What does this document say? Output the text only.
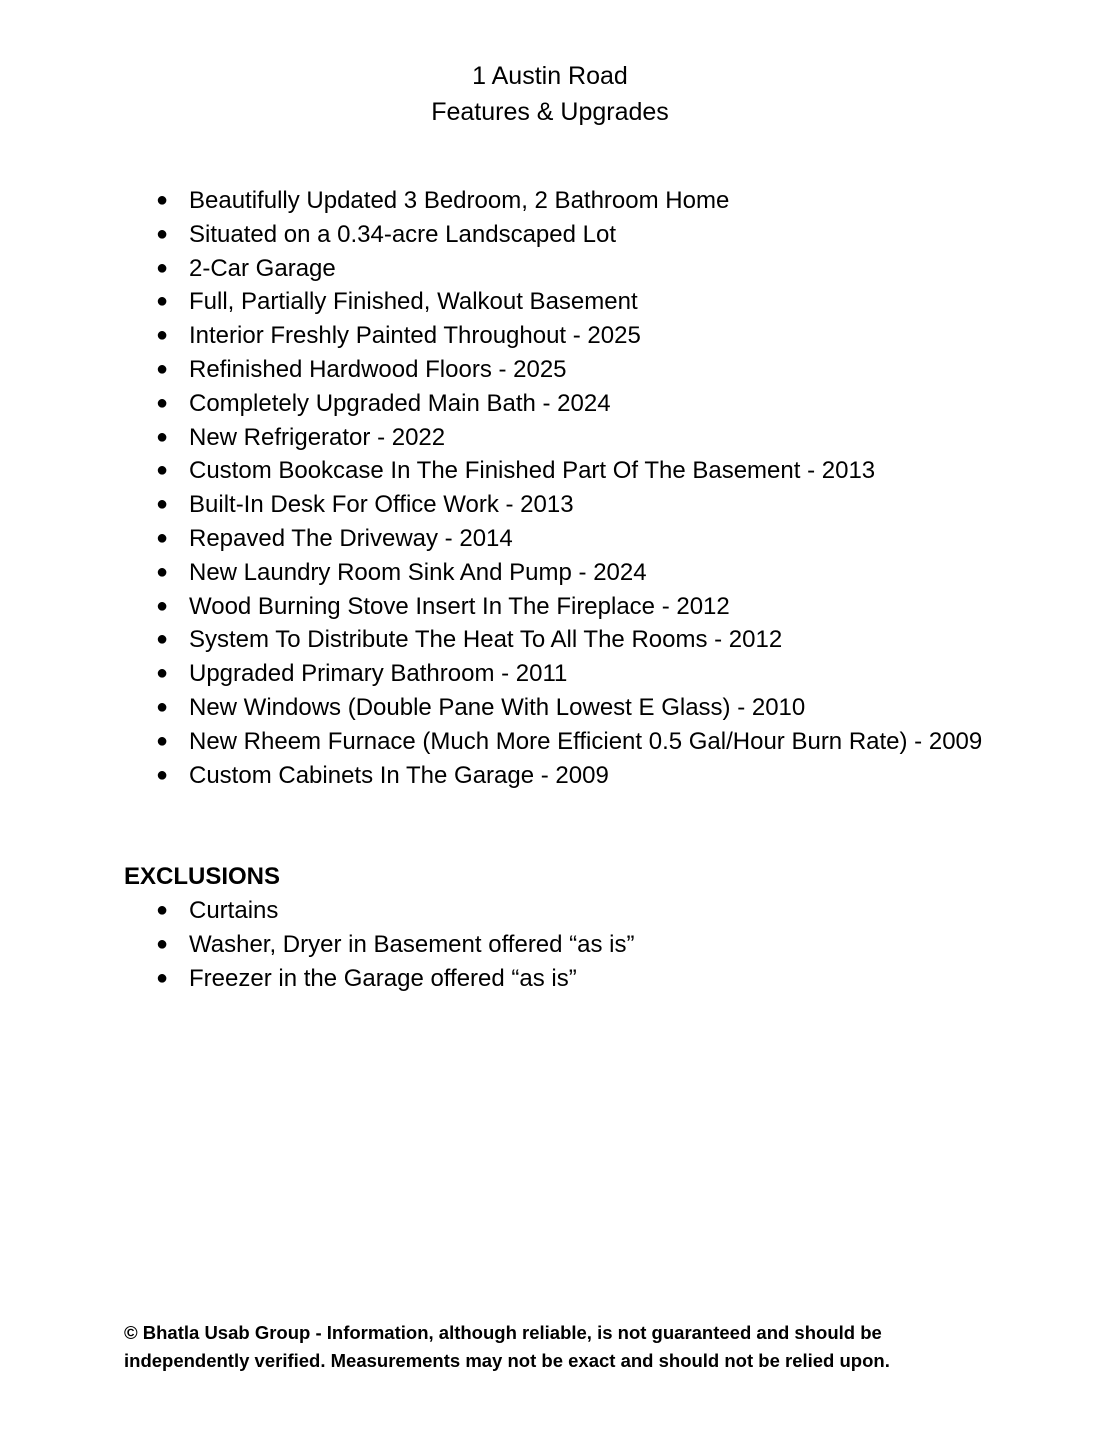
1 Austin Road
Features & Upgrades
● Beautifully Updated 3 Bedroom, 2 Bathroom Home
● Situated on a 0.34-acre Landscaped Lot
● 2-Car Garage
● Full, Partially Finished, Walkout Basement
● Interior Freshly Painted Throughout - 2025
● Refinished Hardwood Floors - 2025
● Completely Upgraded Main Bath - 2024
● New Refrigerator - 2022
● Custom Bookcase In The Finished Part Of The Basement - 2013
● Built-In Desk For Office Work - 2013
● Repaved The Driveway - 2014
● New Laundry Room Sink And Pump - 2024
● Wood Burning Stove Insert In The Fireplace - 2012
● System To Distribute The Heat To All The Rooms - 2012
● Upgraded Primary Bathroom - 2011
● New Windows (Double Pane With Lowest E Glass) - 2010
● New Rheem Furnace (Much More Efficient 0.5 Gal/Hour Burn Rate) - 2009
● Custom Cabinets In The Garage - 2009
EXCLUSIONS
● Curtains
● Washer, Dryer in Basement offered “as is”
● Freezer in the Garage offered “as is”
© Bhatla Usab Group - Information, although reliable, is not guaranteed and should be independently verified. Measurements may not be exact and should not be relied upon.
